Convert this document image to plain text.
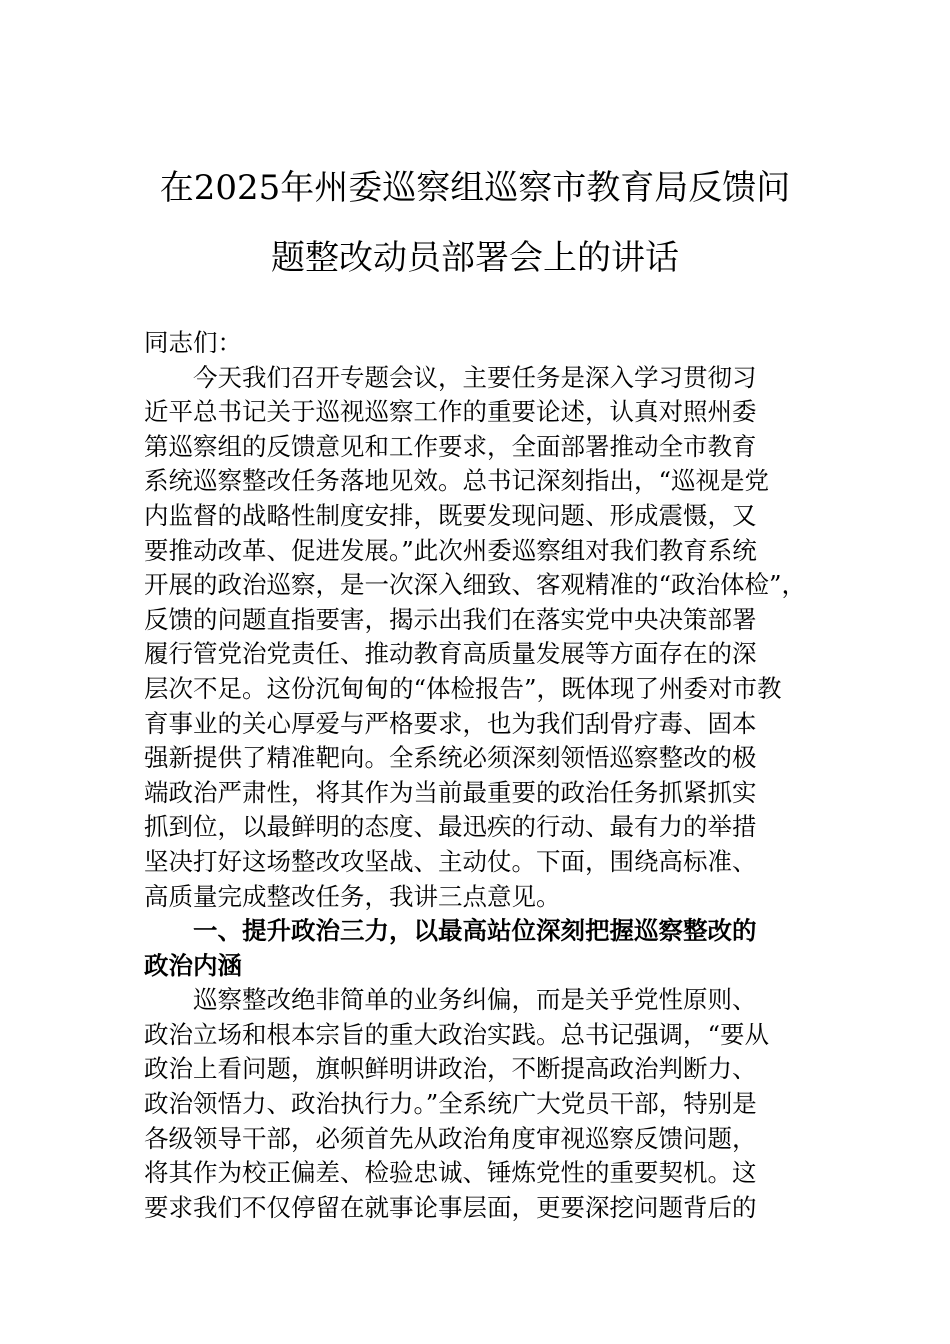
在2025年州委巡察组巡察市教育局反馈问
题整改动员部署会上的讲话
同志们：
今天我们召开专题会议，主要任务是深入学习贯彻习
近平总书记关于巡视巡察工作的重要论述，认真对照州委
第巡察组的反馈意见和工作要求，全面部署推动全市教育
系统巡察整改任务落地见效。总书记深刻指出，“巡视是党
内监督的战略性制度安排，既要发现问题、形成震慑，又
要推动改革、促进发展。”此次州委巡察组对我们教育系统
开展的政治巡察，是一次深入细致、客观精准的“政治体检”，
反馈的问题直指要害，揭示出我们在落实党中央决策部署
履行管党治党责任、推动教育高质量发展等方面存在的深
层次不足。这份沉甸甸的“体检报告”，既体现了州委对市教
育事业的关心厚爱与严格要求，也为我们刮骨疗毒、固本
强新提供了精准靶向。全系统必须深刻领悟巡察整改的极
端政治严肃性，将其作为当前最重要的政治任务抓紧抓实
抓到位，以最鲜明的态度、最迅疾的行动、最有力的举措
坚决打好这场整改攻坚战、主动仗。下面，围绕高标准、
高质量完成整改任务，我讲三点意见。
一、提升政治三力，以最高站位深刻把握巡察整改的
政治内涵
巡察整改绝非简单的业务纠偏，而是关乎党性原则、
政治立场和根本宗旨的重大政治实践。总书记强调，“要从
政治上看问题，旗帜鲜明讲政治，不断提高政治判断力、
政治领悟力、政治执行力。”全系统广大党员干部，特别是
各级领导干部，必须首先从政治角度审视巡察反馈问题，
将其作为校正偏差、检验忠诚、锤炼党性的重要契机。这
要求我们不仅停留在就事论事层面，更要深挖问题背后的
